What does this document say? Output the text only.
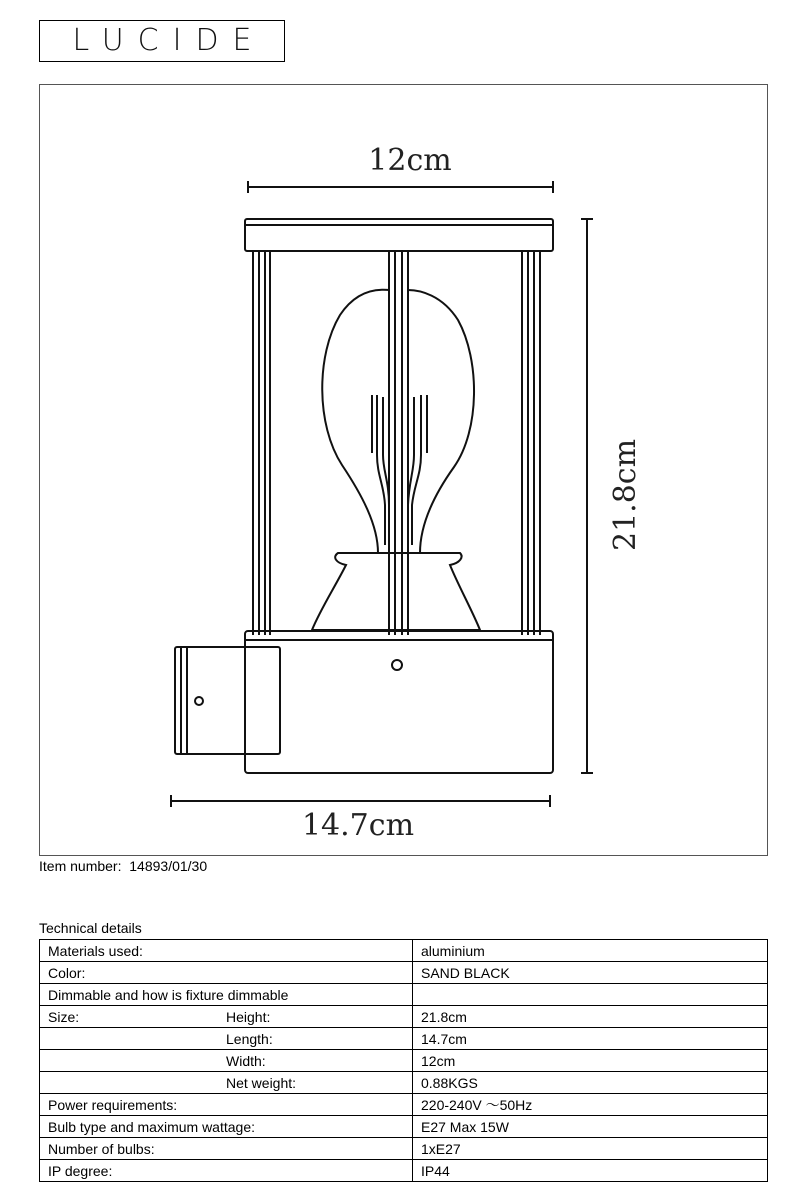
LUCIDE
12cm
21.8cm
14.7cm
Item number: 14893/01/30
Technical details
Materials used:	aluminium

Color:	SAND BLACK

Dimmable and how is fixture dimmable	

Size: Height:	21.8cm

Length:	14.7cm

Width:	12cm

Net weight:	0.88KGS

Power requirements:	220-240V ～50Hz

Bulb type and maximum wattage:	E27 Max 15W

Number of bulbs:	1xE27

IP degree:	IP44
